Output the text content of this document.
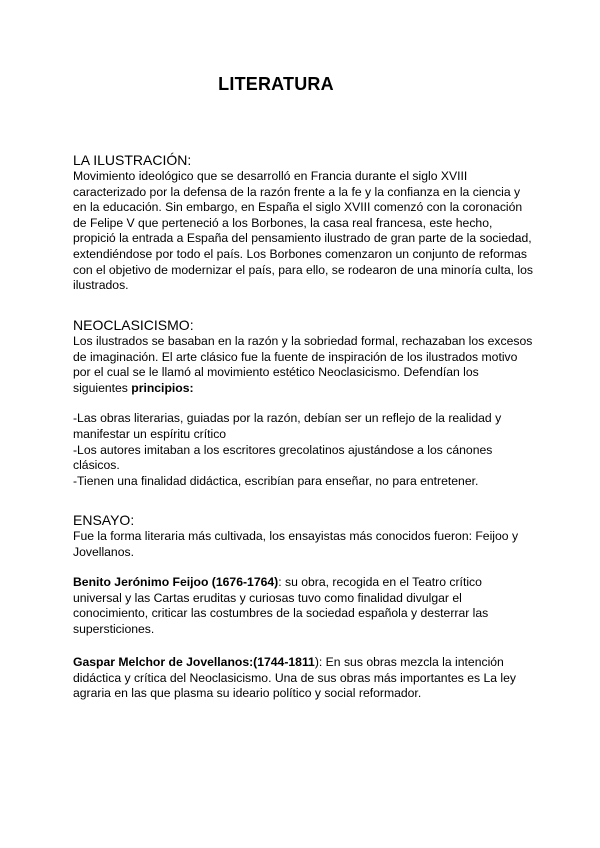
LITERATURA
LA ILUSTRACIÓN:

Movimiento ideológico que se desarrolló en Francia durante el siglo XVIII caracterizado por la defensa de la razón frente a la fe y la confianza en la ciencia y en la educación. Sin embargo, en España el siglo XVIII comenzó con la coronación de Felipe V que perteneció a los Borbones, la casa real francesa, este hecho, propició la entrada a España del pensamiento ilustrado de gran parte de la sociedad, extendiéndose por todo el país. Los Borbones comenzaron un conjunto de reformas con el objetivo de modernizar el país, para ello, se rodearon de una minoría culta, los ilustrados.

NEOCLASICISMO:

Los ilustrados se basaban en la razón y la sobriedad formal, rechazaban los excesos de imaginación. El arte clásico fue la fuente de inspiración de los ilustrados motivo por el cual se le llamó al movimiento estético Neoclasicismo. Defendían los siguientes principios:

-Las obras literarias, guiadas por la razón, debían ser un reflejo de la realidad y manifestar un espíritu crítico

-Los autores imitaban a los escritores grecolatinos ajustándose a los cánones clásicos.

-Tienen una finalidad didáctica, escribían para enseñar, no para entretener.

ENSAYO:

Fue la forma literaria más cultivada, los ensayistas más conocidos fueron: Feijoo y Jovellanos.

Benito Jerónimo Feijoo (1676-1764): su obra, recogida en el Teatro crítico universal y las Cartas eruditas y curiosas tuvo como finalidad divulgar el conocimiento, criticar las costumbres de la sociedad española y desterrar las supersticiones.

Gaspar Melchor de Jovellanos:(1744-1811): En sus obras mezcla la intención didáctica y crítica del Neoclasicismo. Una de sus obras más importantes es La ley agraria en las que plasma su ideario político y social reformador.
